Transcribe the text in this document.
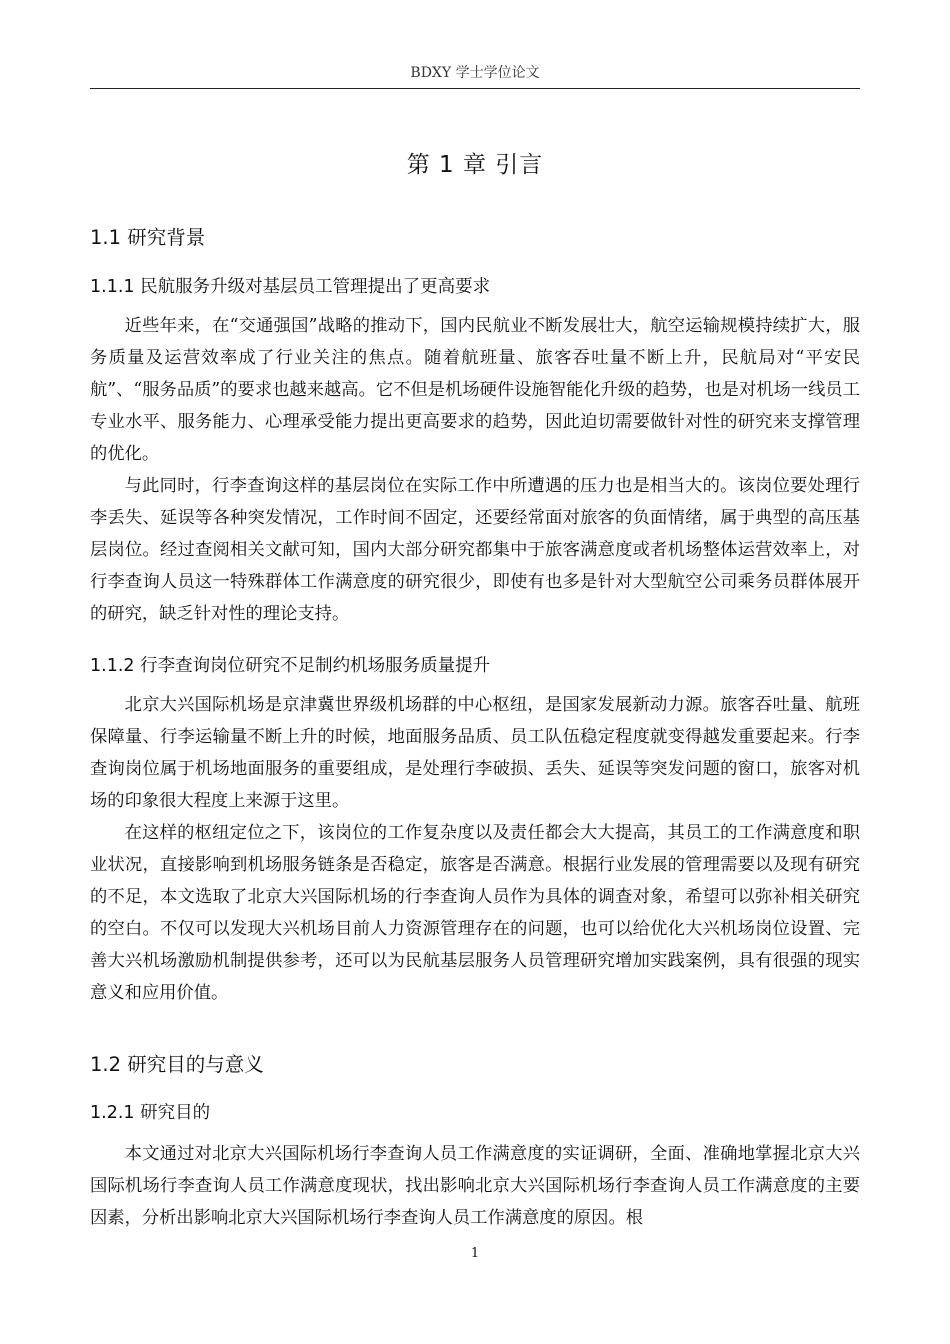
BDXY 学士学位论文
第 1 章 引言
1.1 研究背景
1.1.1 民航服务升级对基层员工管理提出了更高要求

近些年来，在“交通强国”战略的推动下，国内民航业不断发展壮大，航空运输规模持续扩大，服务质量及运营效率成了行业关注的焦点。随着航班量、旅客吞吐量不断上升，民航局对“平安民航”、“服务品质”的要求也越来越高。它不但是机场硬件设施智能化升级的趋势，也是对机场一线员工专业水平、服务能力、心理承受能力提出更高要求的趋势，因此迫切需要做针对性的研究来支撑管理的优化。

与此同时，行李查询这样的基层岗位在实际工作中所遭遇的压力也是相当大的。该岗位要处理行李丢失、延误等各种突发情况，工作时间不固定，还要经常面对旅客的负面情绪，属于典型的高压基层岗位。经过查阅相关文献可知，国内大部分研究都集中于旅客满意度或者机场整体运营效率上，对行李查询人员这一特殊群体工作满意度的研究很少，即使有也多是针对大型航空公司乘务员群体展开的研究，缺乏针对性的理论支持。

1.1.2 行李查询岗位研究不足制约机场服务质量提升

北京大兴国际机场是京津冀世界级机场群的中心枢纽，是国家发展新动力源。旅客吞吐量、航班保障量、行李运输量不断上升的时候，地面服务品质、员工队伍稳定程度就变得越发重要起来。行李查询岗位属于机场地面服务的重要组成，是处理行李破损、丢失、延误等突发问题的窗口，旅客对机场的印象很大程度上来源于这里。

在这样的枢纽定位之下，该岗位的工作复杂度以及责任都会大大提高，其员工的工作满意度和职业状况，直接影响到机场服务链条是否稳定，旅客是否满意。根据行业发展的管理需要以及现有研究的不足，本文选取了北京大兴国际机场的行李查询人员作为具体的调查对象，希望可以弥补相关研究的空白。不仅可以发现大兴机场目前人力资源管理存在的问题，也可以给优化大兴机场岗位设置、完善大兴机场激励机制提供参考，还可以为民航基层服务人员管理研究增加实践案例，具有很强的现实意义和应用价值。

1.2 研究目的与意义
1.2.1 研究目的

本文通过对北京大兴国际机场行李查询人员工作满意度的实证调研，全面、准确地掌握北京大兴国际机场行李查询人员工作满意度现状，找出影响北京大兴国际机场行李查询人员工作满意度的主要因素，分析出影响北京大兴国际机场行李查询人员工作满意度的原因。根

1
